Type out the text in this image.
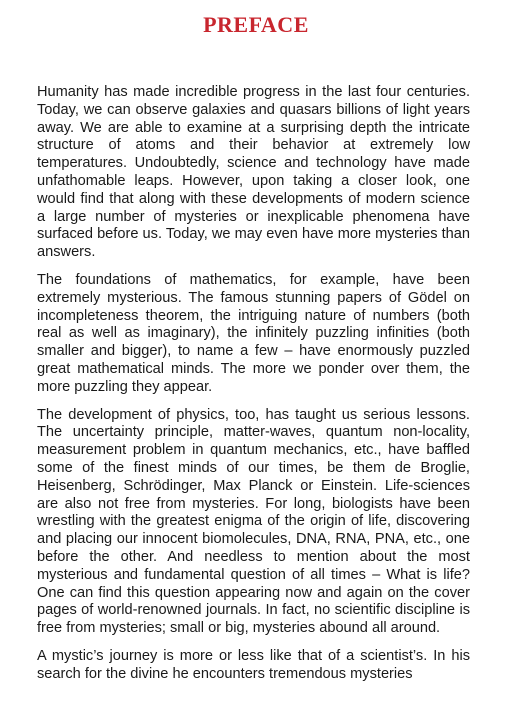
PREFACE

Humanity has made incredible progress in the last four centuries. Today, we can observe galaxies and quasars billions of light years away. We are able to examine at a surprising depth the intricate structure of atoms and their behavior at extremely low temperatures. Undoubtedly, science and technology have made unfathomable leaps. However, upon taking a closer look, one would find that along with these developments of modern science a large number of mysteries or inexplicable phenomena have surfaced before us. Today, we may even have more mysteries than answers.

The foundations of mathematics, for example, have been extremely mysterious. The famous stunning papers of Gödel on incompleteness theorem, the intriguing nature of numbers (both real as well as imaginary), the infinitely puzzling infinities (both smaller and bigger), to name a few – have enormously puzzled great mathematical minds. The more we ponder over them, the more puzzling they appear.

The development of physics, too, has taught us serious lessons. The uncertainty principle, matter-waves, quantum non-locality, measurement problem in quantum mechanics, etc., have baffled some of the finest minds of our times, be them de Broglie, Heisenberg, Schrödinger, Max Planck or Einstein. Life-sciences are also not free from mysteries. For long, biologists have been wrestling with the greatest enigma of the origin of life, discovering and placing our innocent biomolecules, DNA, RNA, PNA, etc., one before the other. And needless to mention about the most mysterious and fundamental question of all times – What is life? One can find this question appearing now and again on the cover pages of world-renowned journals. In fact, no scientific discipline is free from mysteries; small or big, mysteries abound all around.

A mystic’s journey is more or less like that of a scientist’s. In his search for the divine he encounters tremendous mysteries
